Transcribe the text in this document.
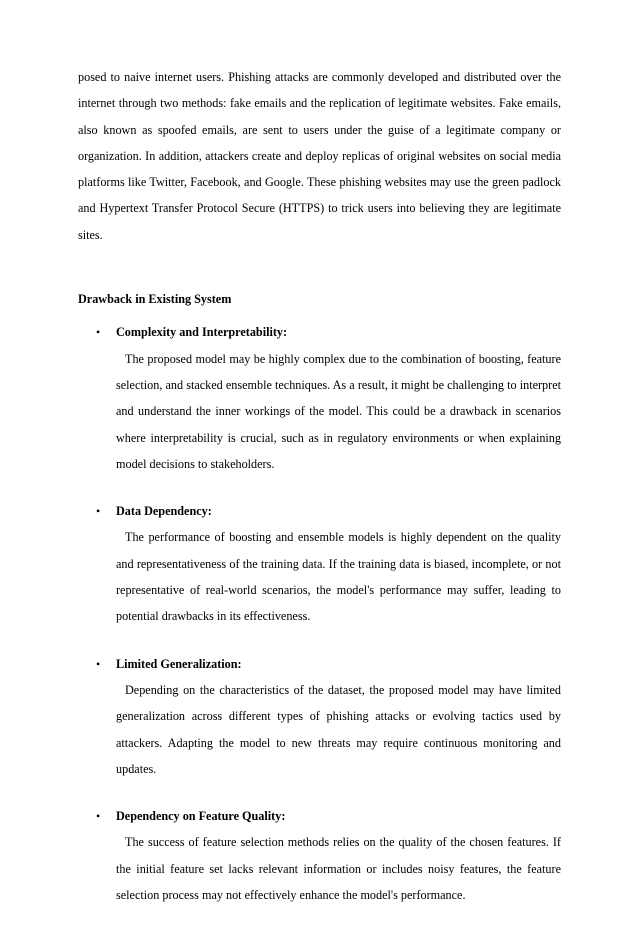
posed to naive internet users. Phishing attacks are commonly developed and distributed over the internet through two methods: fake emails and the replication of legitimate websites. Fake emails, also known as spoofed emails, are sent to users under the guise of a legitimate company or organization. In addition, attackers create and deploy replicas of original websites on social media platforms like Twitter, Facebook, and Google. These phishing websites may use the green padlock and Hypertext Transfer Protocol Secure (HTTPS) to trick users into believing they are legitimate sites.

Drawback in Existing System
• Complexity and Interpretability:

The proposed model may be highly complex due to the combination of boosting, feature selection, and stacked ensemble techniques. As a result, it might be challenging to interpret and understand the inner workings of the model. This could be a drawback in scenarios where interpretability is crucial, such as in regulatory environments or when explaining model decisions to stakeholders.

• Data Dependency:

The performance of boosting and ensemble models is highly dependent on the quality and representativeness of the training data. If the training data is biased, incomplete, or not representative of real-world scenarios, the model's performance may suffer, leading to potential drawbacks in its effectiveness.

• Limited Generalization:

Depending on the characteristics of the dataset, the proposed model may have limited generalization across different types of phishing attacks or evolving tactics used by attackers. Adapting the model to new threats may require continuous monitoring and updates.

• Dependency on Feature Quality:

The success of feature selection methods relies on the quality of the chosen features. If the initial feature set lacks relevant information or includes noisy features, the feature selection process may not effectively enhance the model's performance.
